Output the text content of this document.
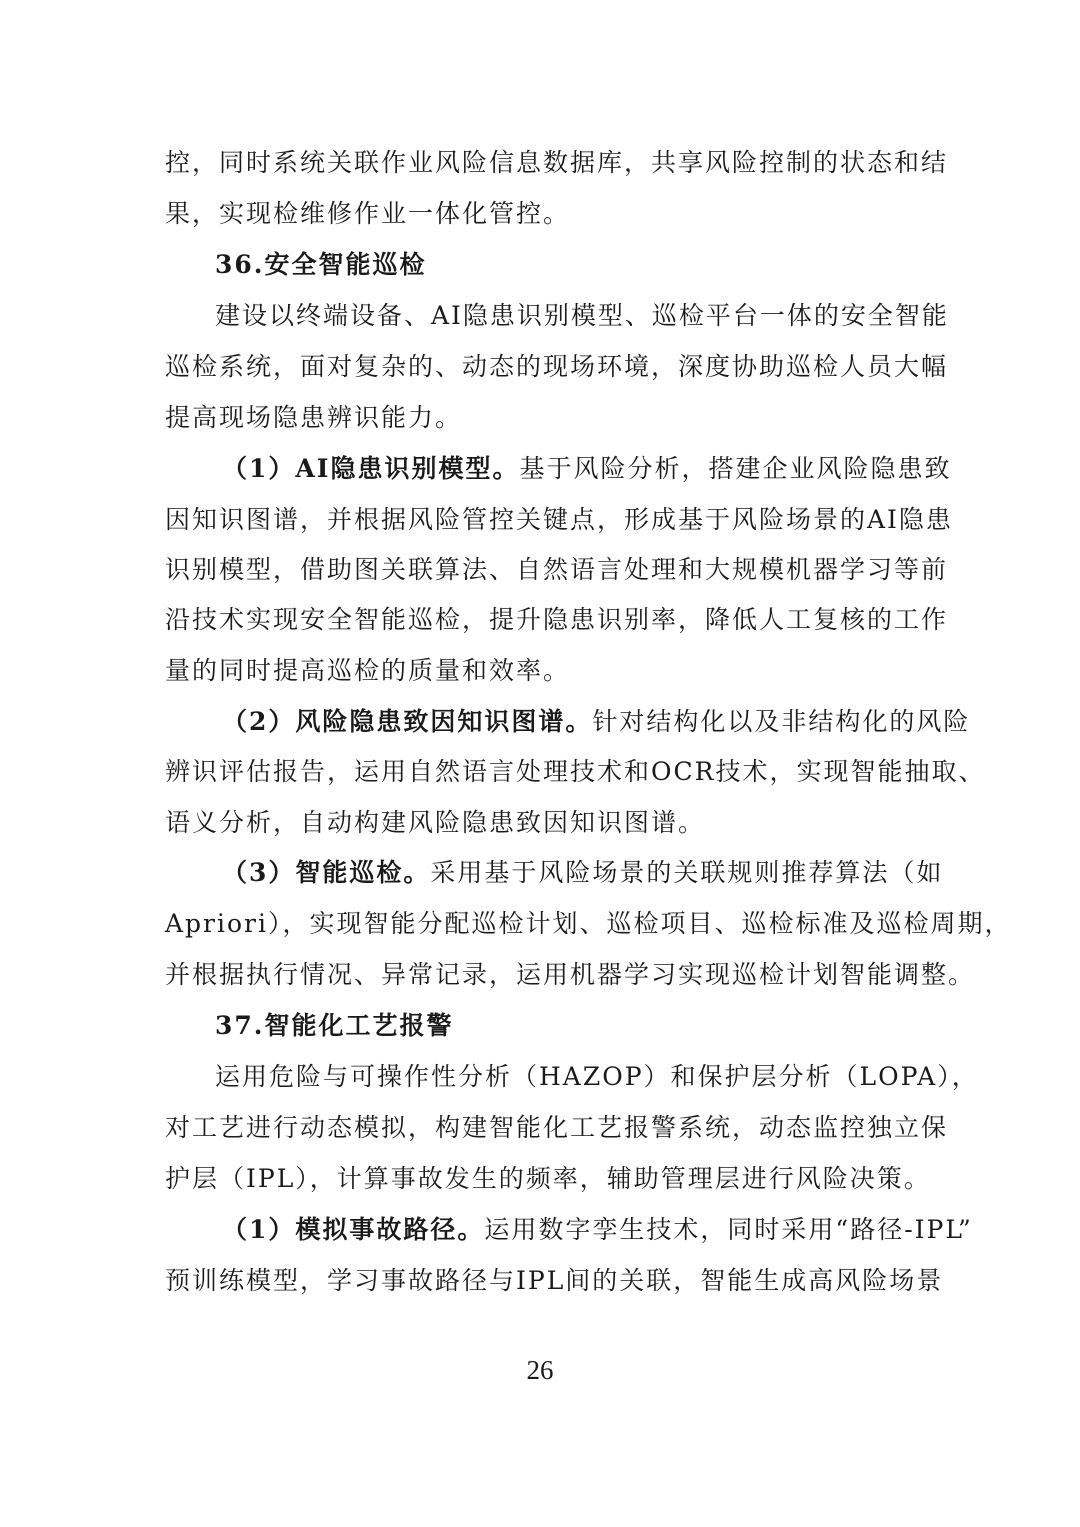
控，同时系统关联作业风险信息数据库，共享风险控制的状态和结
果，实现检维修作业一体化管控。
36.安全智能巡检
建设以终端设备、AI隐患识别模型、巡检平台一体的安全智能
巡检系统，面对复杂的、动态的现场环境，深度协助巡检人员大幅
提高现场隐患辨识能力。
（1）AI隐患识别模型。基于风险分析，搭建企业风险隐患致
因知识图谱，并根据风险管控关键点，形成基于风险场景的AI隐患
识别模型，借助图关联算法、自然语言处理和大规模机器学习等前
沿技术实现安全智能巡检，提升隐患识别率，降低人工复核的工作
量的同时提高巡检的质量和效率。
（2）风险隐患致因知识图谱。针对结构化以及非结构化的风险
辨识评估报告，运用自然语言处理技术和OCR技术，实现智能抽取、
语义分析，自动构建风险隐患致因知识图谱。
（3）智能巡检。采用基于风险场景的关联规则推荐算法（如
Apriori），实现智能分配巡检计划、巡检项目、巡检标准及巡检周期，
并根据执行情况、异常记录，运用机器学习实现巡检计划智能调整。
37.智能化工艺报警
运用危险与可操作性分析（HAZOP）和保护层分析（LOPA），
对工艺进行动态模拟，构建智能化工艺报警系统，动态监控独立保
护层（IPL），计算事故发生的频率，辅助管理层进行风险决策。
（1）模拟事故路径。运用数字孪生技术，同时采用“路径-IPL”
预训练模型，学习事故路径与IPL间的关联，智能生成高风险场景
26
